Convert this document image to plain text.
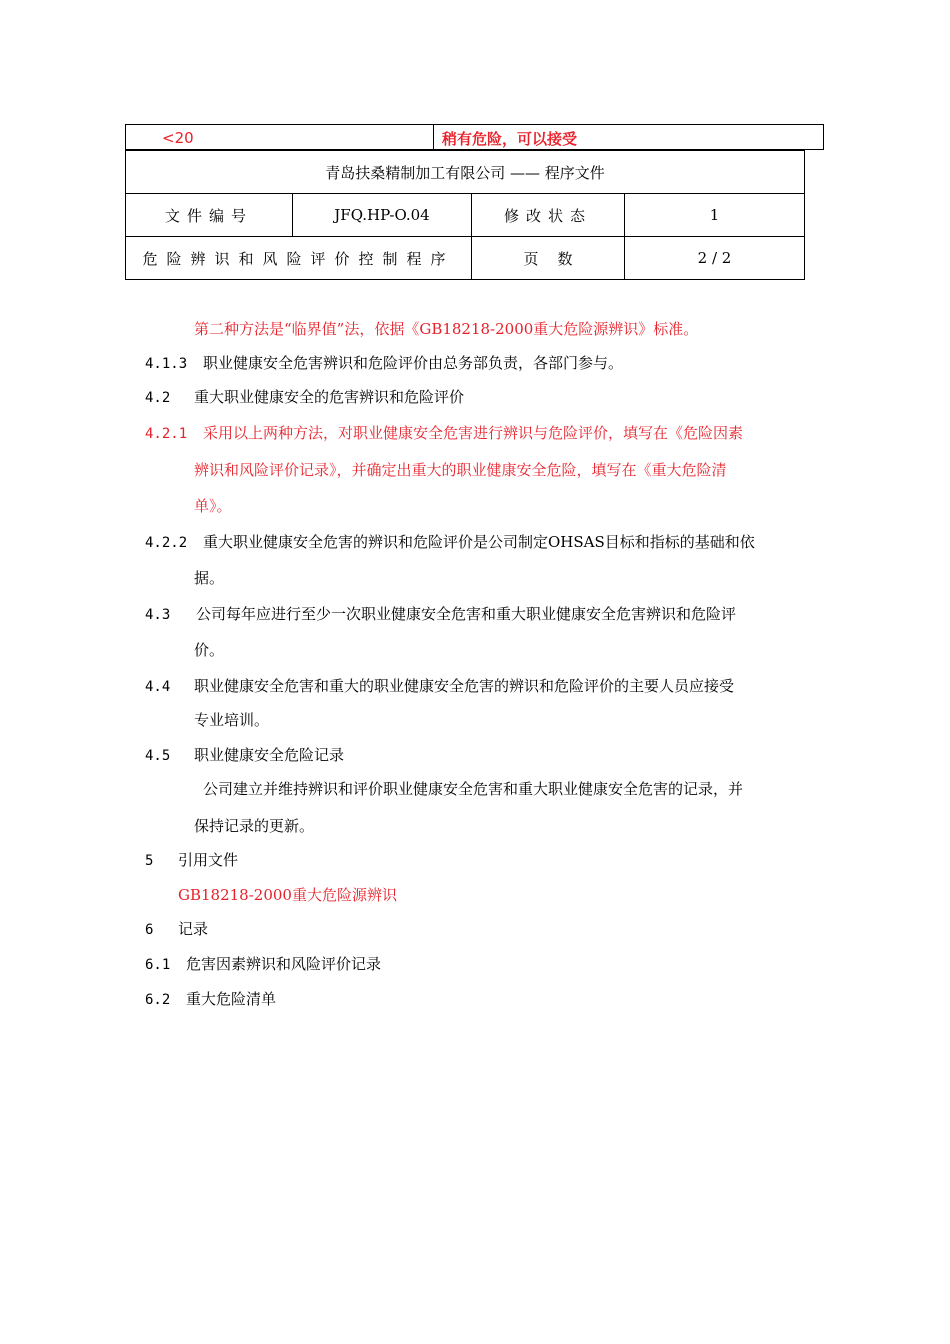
<20	稍有危险，可以接受
青岛扶桑精制加工有限公司 —— 程序文件			
文件编号	JFQ.HP-O.04	修改状态	1
危险辨识和风险评价控制程序		页    数	2 / 2
第二种方法是“临界值”法，依据《GB18218-2000重大危险源辨识》标准。
4.1.3 职业健康安全危害辨识和危险评价由总务部负责，各部门参与。
4.2 重大职业健康安全的危害辨识和危险评价
4.2.1 采用以上两种方法，对职业健康安全危害进行辨识与危险评价，填写在《危险因素
辨识和风险评价记录》，并确定出重大的职业健康安全危险，填写在《重大危险清
单》。
4.2.2 重大职业健康安全危害的辨识和危险评价是公司制定OHSAS目标和指标的基础和依
据。
4.3 公司每年应进行至少一次职业健康安全危害和重大职业健康安全危害辨识和危险评
价。
4.4 职业健康安全危害和重大的职业健康安全危害的辨识和危险评价的主要人员应接受
专业培训。
4.5 职业健康安全危险记录
公司建立并维持辨识和评价职业健康安全危害和重大职业健康安全危害的记录，并
保持记录的更新。
5 引用文件
GB18218-2000重大危险源辨识
6 记录
6.1 危害因素辨识和风险评价记录
6.2 重大危险清单
